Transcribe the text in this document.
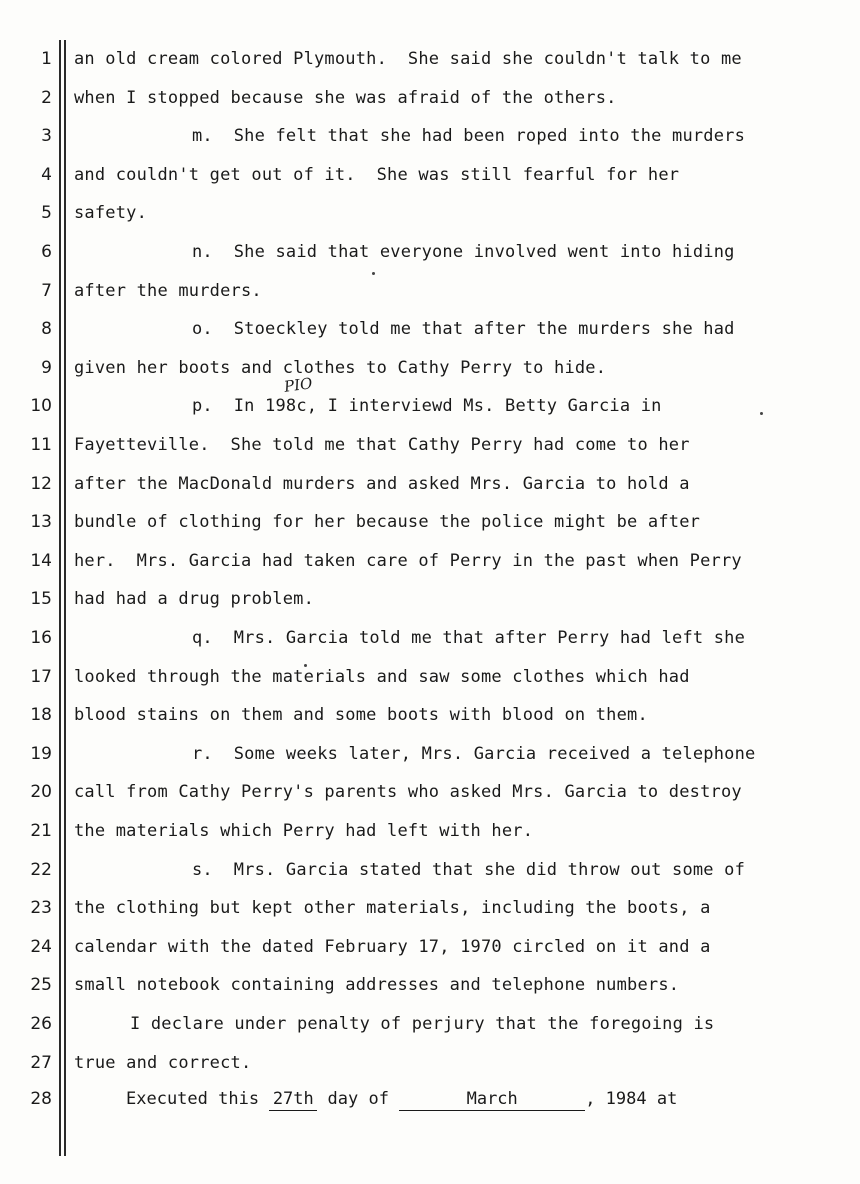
1 an old cream colored Plymouth.  She said she couldn't talk to me
2 when I stopped because she was afraid of the others.
3	m.  She felt that she had been roped into the murders
4 and couldn't get out of it.  She was still fearful for her
5 safety.
6	n.  She said that everyone involved went into hiding
7 after the murders.
8	o.  Stoeckley told me that after the murders she had
9 given her boots and clothes to Cathy Perry to hide.
10	p.  In 198c, I interviewd Ms. Betty Garcia in
11 Fayetteville.  She told me that Cathy Perry had come to her
12 after the MacDonald murders and asked Mrs. Garcia to hold a
13 bundle of clothing for her because the police might be after
14 her.  Mrs. Garcia had taken care of Perry in the past when Perry
15 had had a drug problem.
16	q.  Mrs. Garcia told me that after Perry had left she
17 looked through the materials and saw some clothes which had
18 blood stains on them and some boots with blood on them.
19	r.  Some weeks later, Mrs. Garcia received a telephone
20 call from Cathy Perry's parents who asked Mrs. Garcia to destroy
21 the materials which Perry had left with her.
22	s.  Mrs. Garcia stated that she did throw out some of
23 the clothing but kept other materials, including the boots, a
24 calendar with the dated February 17, 1970 circled on it and a
25 small notebook containing addresses and telephone numbers.
26	I declare under penalty of perjury that the foregoing is
27 true and correct.
28	Executed this 27th day of	March	, 1984 at
PIO
